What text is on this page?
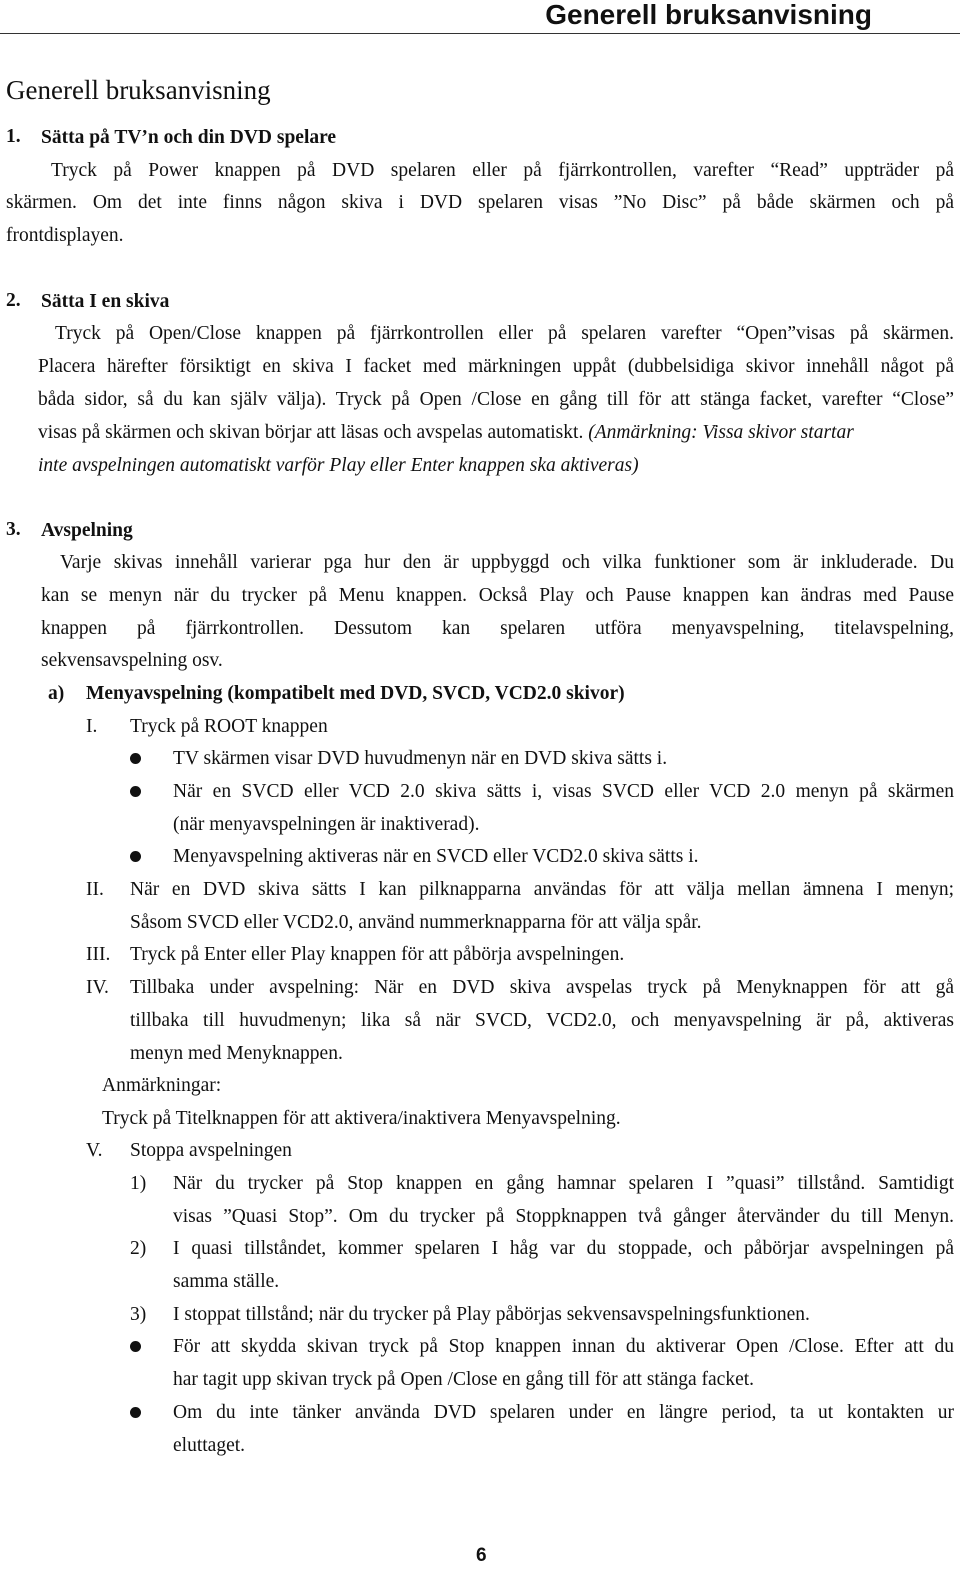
Generell bruksanvisning
Generell bruksanvisning
1. Sätta på TV’n och din DVD spelare
Tryck på Power knappen på DVD spelaren eller på fjärrkontrollen, varefter “Read” uppträder på
skärmen. Om det inte finns någon skiva i DVD spelaren visas ”No Disc” på både skärmen och på
frontdisplayen.
2. Sätta I en skiva
Tryck på Open/Close knappen på fjärrkontrollen eller på spelaren varefter “Open”visas på skärmen.
Placera härefter försiktigt en skiva I facket med märkningen uppåt (dubbelsidiga skivor innehåll något på
båda sidor, så du kan själv välja). Tryck på Open /Close en gång till för att stänga facket, varefter “Close”
visas på skärmen och skivan börjar att läsas och avspelas automatiskt. (Anmärkning: Vissa skivor startar
inte avspelningen automatiskt varför Play eller Enter knappen ska aktiveras)
3. Avspelning
Varje skivas innehåll varierar pga hur den är uppbyggd och vilka funktioner som är inkluderade. Du
kan se menyn när du trycker på Menu knappen. Också Play och Pause knappen kan ändras med Pause
knappen på fjärrkontrollen. Dessutom kan spelaren utföra menyavspelning, titelavspelning,
sekvensavspelning osv.
a) Menyavspelning (kompatibelt med DVD, SVCD, VCD2.0 skivor)
I. Tryck på ROOT knappen
TV skärmen visar DVD huvudmenyn när en DVD skiva sätts i.
När en SVCD eller VCD 2.0 skiva sätts i, visas SVCD eller VCD 2.0 menyn på skärmen
(när menyavspelningen är inaktiverad).
Menyavspelning aktiveras när en SVCD eller VCD2.0 skiva sätts i.
II. När en DVD skiva sätts I kan pilknapparna användas för att välja mellan ämnena I menyn;
Såsom SVCD eller VCD2.0, använd nummerknapparna för att välja spår.
III. Tryck på Enter eller Play knappen för att påbörja avspelningen.
IV. Tillbaka under avspelning: När en DVD skiva avspelas tryck på Menyknappen för att gå
tillbaka till huvudmenyn; lika så när SVCD, VCD2.0, och menyavspelning är på, aktiveras
menyn med Menyknappen.
Anmärkningar:
Tryck på Titelknappen för att aktivera/inaktivera Menyavspelning.
V. Stoppa avspelningen
1) När du trycker på Stop knappen en gång hamnar spelaren I ”quasi” tillstånd. Samtidigt
visas ”Quasi Stop”. Om du trycker på Stoppknappen två gånger återvänder du till Menyn.
2) I quasi tillståndet, kommer spelaren I håg var du stoppade, och påbörjar avspelningen på
samma ställe.
3) I stoppat tillstånd; när du trycker på Play påbörjas sekvensavspelningsfunktionen.
För att skydda skivan tryck på Stop knappen innan du aktiverar Open /Close. Efter att du
har tagit upp skivan tryck på Open /Close en gång till för att stänga facket.
Om du inte tänker använda DVD spelaren under en längre period, ta ut kontakten ur
eluttaget.
6
